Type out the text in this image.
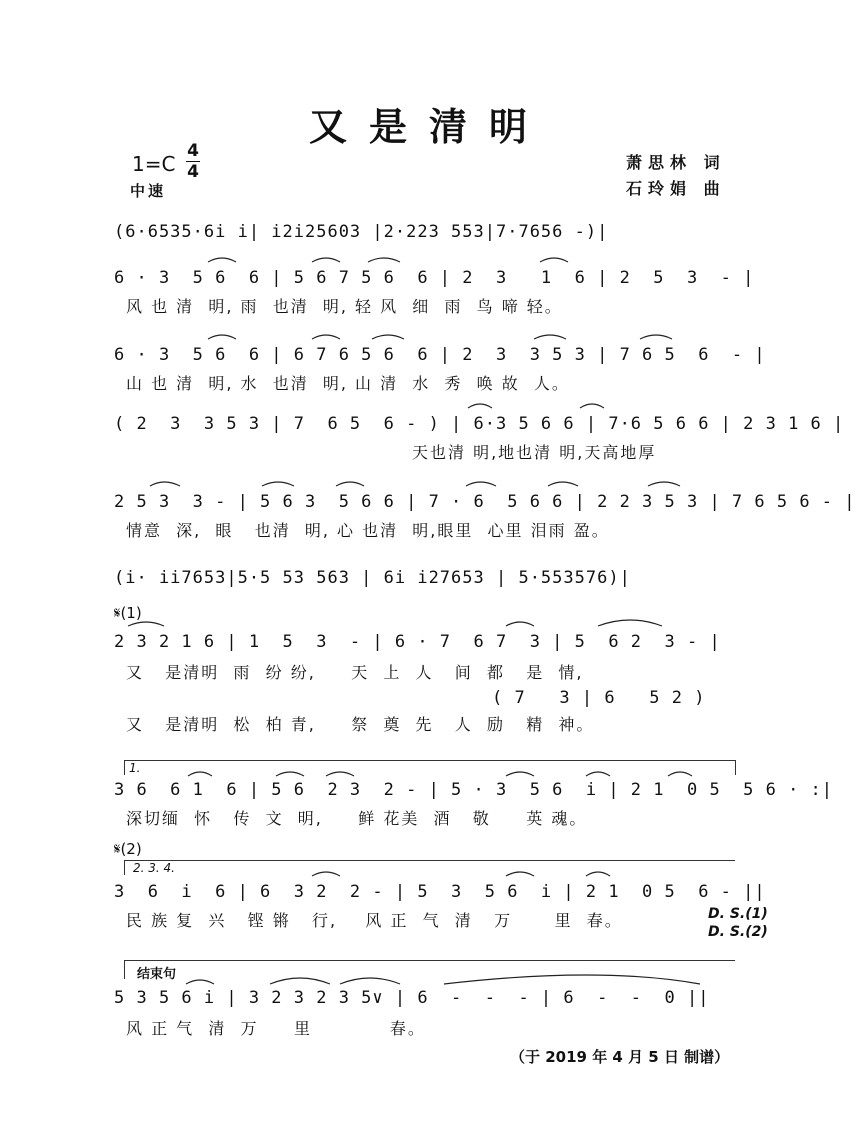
又是清明
1=C
4
4
中速
萧思林 词
石玲娟 曲
(6·6535·6i i| i2i25603 |2·223 553|7·7656 -)|
6 · 3  5 6  6 | 5 6 7 5 6  6 | 2  3   1  6 | 2  5  3  - |
风 也 清  明, 雨  也清  明, 轻 风  细  雨  鸟 啼 轻。
6 · 3  5 6  6 | 6 7 6 5 6  6 | 2  3  3 5 3 | 7 6 5  6  - |
山 也 清  明, 水  也清  明, 山 清  水  秀  唤 故  人。
( 2  3  3 5 3 | 7  6 5  6 - ) | 6·3 5 6 6 | 7·6 5 6 6 | 2 3 1 6 |
天也清 明,地也清 明,天高地厚
2 5 3  3 - | 5 6 3  5 6 6 | 7 · 6  5 6 6 | 2 2 3 5 3 | 7 6 5 6 - |
情意  深,  眼   也清  明, 心 也清  明,眼里  心里 泪雨 盈。
(i· ii7653|5·5 53 563 | 6i i27653 | 5·553576)|
𝄋(1)
2 3 2 1 6 | 1  5  3  - | 6 · 7  6 7  3 | 5  6 2  3 - |
又   是清明  雨  纷 纷,     天  上  人   间  都   是  情,
( 7   3 | 6   5 2 )
又   是清明  松  柏 青,     祭  奠  先   人  励   精  神。
1.
3 6  6 1  6 | 5 6  2 3  2 - | 5 · 3  5 6  i | 2 1  0 5  5 6 · :|
深切缅  怀   传  文  明,     鲜 花美  酒   敬     英 魂。
𝄋(2)
2. 3. 4.
3  6  i  6 | 6  3 2  2 - | 5  3  5 6  i | 2 1  0 5  6 - ||
民 族 复  兴   铿 锵   行,    风 正  气  清   万      里  春。	D. S.(1)
D. S.(2)
结束句
5 3 5 6 i | 3 2 3 2 3 5∨ | 6  -  -  - | 6  -  -  0 ||
风 正 气  清  万     里           春。
（于 2019 年 4 月 5 日 制谱）
